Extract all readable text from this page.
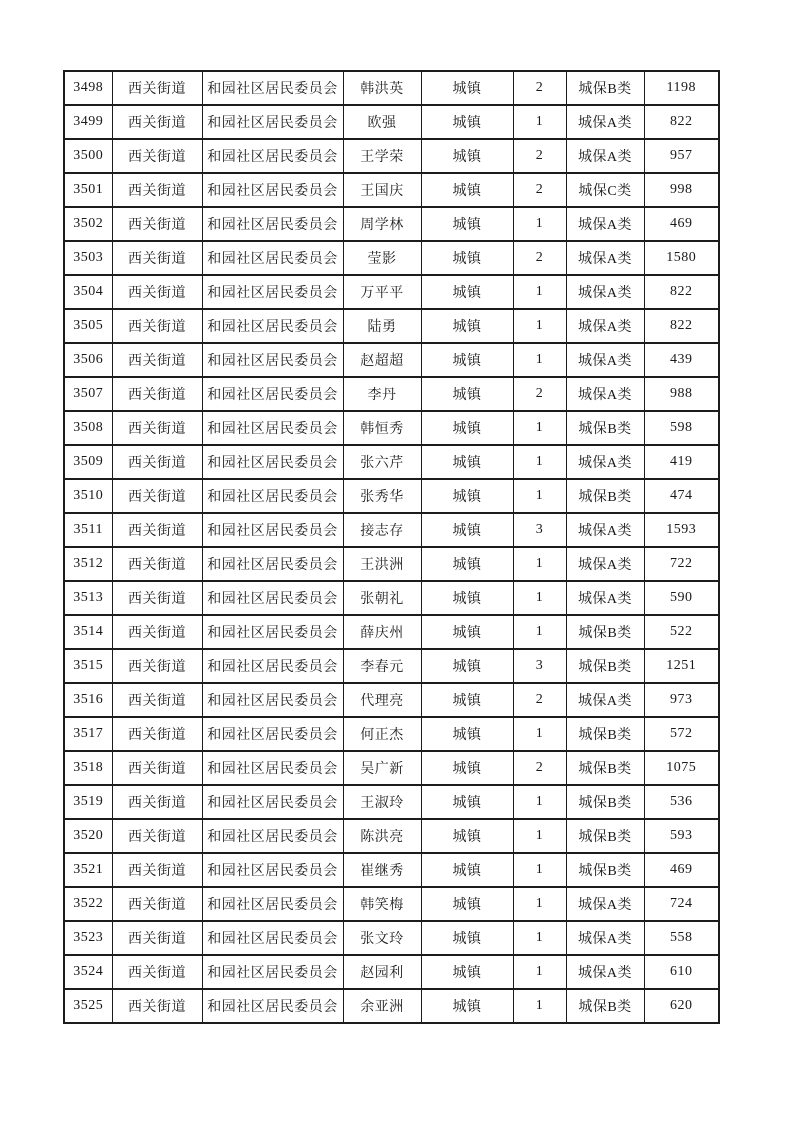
3498	西关街道	和园社区居民委员会	韩洪英	城镇	2	城保B类	1198
3499	西关街道	和园社区居民委员会	欧强	城镇	1	城保A类	822
3500	西关街道	和园社区居民委员会	王学荣	城镇	2	城保A类	957
3501	西关街道	和园社区居民委员会	王国庆	城镇	2	城保C类	998
3502	西关街道	和园社区居民委员会	周学林	城镇	1	城保A类	469
3503	西关街道	和园社区居民委员会	莹影	城镇	2	城保A类	1580
3504	西关街道	和园社区居民委员会	万平平	城镇	1	城保A类	822
3505	西关街道	和园社区居民委员会	陆勇	城镇	1	城保A类	822
3506	西关街道	和园社区居民委员会	赵超超	城镇	1	城保A类	439
3507	西关街道	和园社区居民委员会	李丹	城镇	2	城保A类	988
3508	西关街道	和园社区居民委员会	韩恒秀	城镇	1	城保B类	598
3509	西关街道	和园社区居民委员会	张六芹	城镇	1	城保A类	419
3510	西关街道	和园社区居民委员会	张秀华	城镇	1	城保B类	474
3511	西关街道	和园社区居民委员会	接志存	城镇	3	城保A类	1593
3512	西关街道	和园社区居民委员会	王洪洲	城镇	1	城保A类	722
3513	西关街道	和园社区居民委员会	张朝礼	城镇	1	城保A类	590
3514	西关街道	和园社区居民委员会	薛庆州	城镇	1	城保B类	522
3515	西关街道	和园社区居民委员会	李春元	城镇	3	城保B类	1251
3516	西关街道	和园社区居民委员会	代理亮	城镇	2	城保A类	973
3517	西关街道	和园社区居民委员会	何正杰	城镇	1	城保B类	572
3518	西关街道	和园社区居民委员会	吴广新	城镇	2	城保B类	1075
3519	西关街道	和园社区居民委员会	王淑玲	城镇	1	城保B类	536
3520	西关街道	和园社区居民委员会	陈洪亮	城镇	1	城保B类	593
3521	西关街道	和园社区居民委员会	崔继秀	城镇	1	城保B类	469
3522	西关街道	和园社区居民委员会	韩笑梅	城镇	1	城保A类	724
3523	西关街道	和园社区居民委员会	张文玲	城镇	1	城保A类	558
3524	西关街道	和园社区居民委员会	赵园利	城镇	1	城保A类	610
3525	西关街道	和园社区居民委员会	余亚洲	城镇	1	城保B类	620
